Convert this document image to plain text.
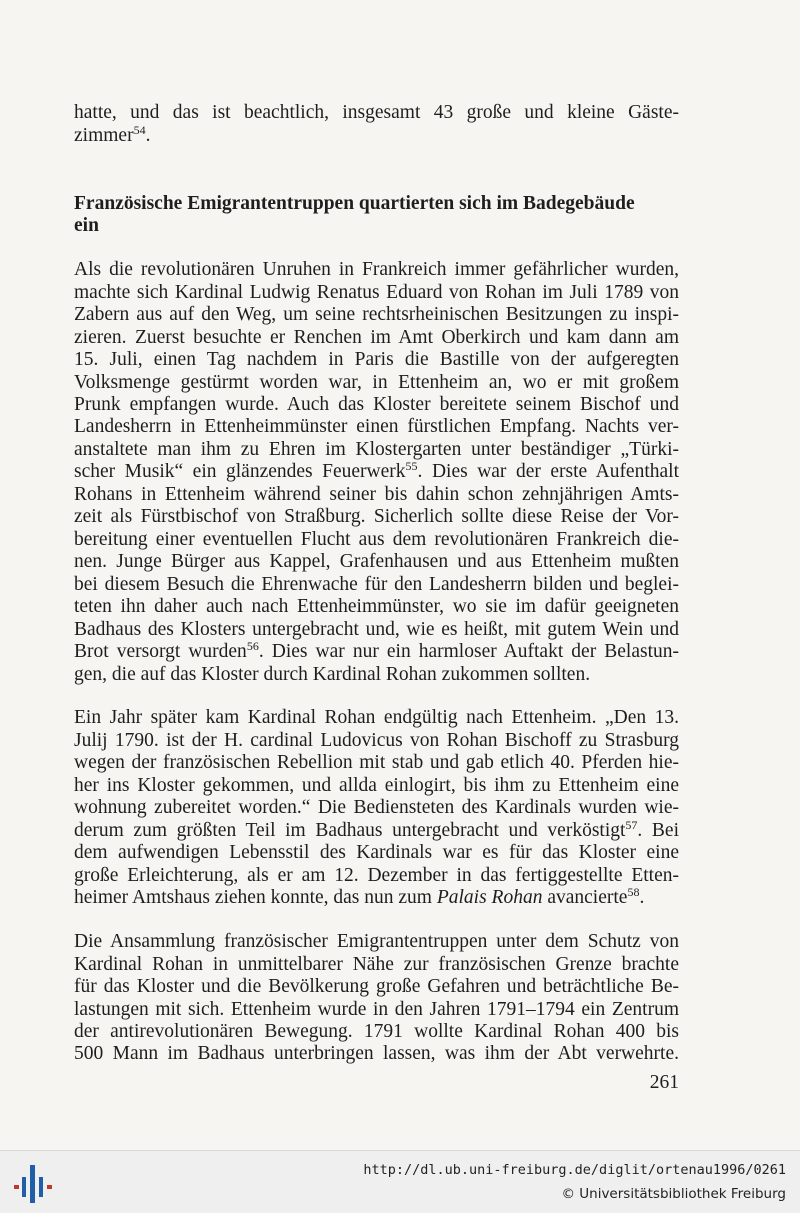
hatte, und das ist beachtlich, insgesamt 43 große und kleine Gäste-
zimmer$^{54}$.
Französische Emigrantentruppen quartierten sich im Badegebäude
ein
Als die revolutionären Unruhen in Frankreich immer gefährlicher wurden,
machte sich Kardinal Ludwig Renatus Eduard von Rohan im Juli 1789 von
Zabern aus auf den Weg, um seine rechtsrheinischen Besitzungen zu inspi-
zieren. Zuerst besuchte er Renchen im Amt Oberkirch und kam dann am
15. Juli, einen Tag nachdem in Paris die Bastille von der aufgeregten
Volksmenge gestürmt worden war, in Ettenheim an, wo er mit großem
Prunk empfangen wurde. Auch das Kloster bereitete seinem Bischof und
Landesherrn in Ettenheimmünster einen fürstlichen Empfang. Nachts ver-
anstaltete man ihm zu Ehren im Klostergarten unter beständiger „Türki-
scher Musik“ ein glänzendes Feuerwerk$^{55}$. Dies war der erste Aufenthalt
Rohans in Ettenheim während seiner bis dahin schon zehnjährigen Amts-
zeit als Fürstbischof von Straßburg. Sicherlich sollte diese Reise der Vor-
bereitung einer eventuellen Flucht aus dem revolutionären Frankreich die-
nen. Junge Bürger aus Kappel, Grafenhausen und aus Ettenheim mußten
bei diesem Besuch die Ehrenwache für den Landesherrn bilden und beglei-
teten ihn daher auch nach Ettenheimmünster, wo sie im dafür geeigneten
Badhaus des Klosters untergebracht und, wie es heißt, mit gutem Wein und
Brot versorgt wurden$^{56}$. Dies war nur ein harmloser Auftakt der Belastun-
gen, die auf das Kloster durch Kardinal Rohan zukommen sollten.
Ein Jahr später kam Kardinal Rohan endgültig nach Ettenheim. „Den 13.
Julij 1790. ist der H. cardinal Ludovicus von Rohan Bischoff zu Strasburg
wegen der französischen Rebellion mit stab und gab etlich 40. Pferden hie-
her ins Kloster gekommen, und allda einlogirt, bis ihm zu Ettenheim eine
wohnung zubereitet worden.“ Die Bediensteten des Kardinals wurden wie-
derum zum größten Teil im Badhaus untergebracht und verköstigt$^{57}$. Bei
dem aufwendigen Lebensstil des Kardinals war es für das Kloster eine
große Erleichterung, als er am 12. Dezember in das fertiggestellte Etten-
heimer Amtshaus ziehen konnte, das nun zum Palais Rohan avancierte$^{58}$.
Die Ansammlung französischer Emigrantentruppen unter dem Schutz von
Kardinal Rohan in unmittelbarer Nähe zur französischen Grenze brachte
für das Kloster und die Bevölkerung große Gefahren und beträchtliche Be-
lastungen mit sich. Ettenheim wurde in den Jahren 1791–1794 ein Zentrum
der antirevolutionären Bewegung. 1791 wollte Kardinal Rohan 400 bis
500 Mann im Badhaus unterbringen lassen, was ihm der Abt verwehrte.
261
http://dl.ub.uni-freiburg.de/diglit/ortenau1996/0261
© Universitätsbibliothek Freiburg
